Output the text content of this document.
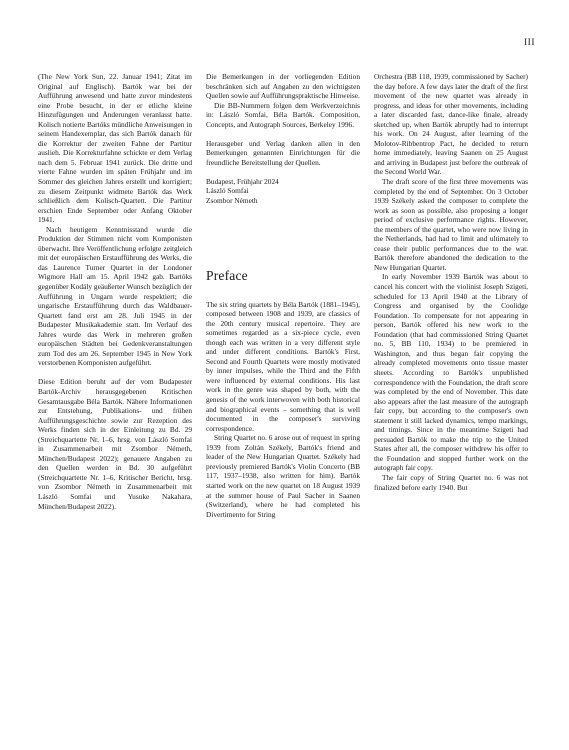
III

(The New York Sun, 22. Januar 1941; Zitat im Original auf Englisch). Bartók war bei der Aufführung anwesend und hatte zuvor mindestens eine Probe besucht, in der er etliche kleine Hinzufügungen und Änderungen veranlasst hatte. Kolisch notierte Bartóks mündliche Anweisungen in seinem Handexemplar, das sich Bartók danach für die Korrektur der zweiten Fahne der Partitur auslieh. Die Korrekturfahne schickte er dem Verlag nach dem 5. Februar 1941 zurück. Die dritte und vierte Fahne wurden im späten Frühjahr und im Sommer des gleichen Jahres erstellt und korrigiert; zu diesem Zeitpunkt widmete Bartók das Werk schließlich dem Kolisch-Quartett. Die Partitur erschien Ende September oder Anfang Oktober 1941.

Nach heutigem Kenntnisstand wurde die Produktion der Stimmen nicht vom Komponisten überwacht. Ihre Veröffentlichung erfolgte zeitgleich mit der europäischen Erstaufführung des Werks, die das Laurence Turner Quartet in der Londoner Wigmore Hall am 15. April 1942 gab. Bartóks gegenüber Kodály geäußerter Wunsch bezüglich der Aufführung in Ungarn wurde respektiert; die ungarische Erstaufführung durch das Waldbauer-Quartett fand erst am 28. Juli 1945 in der Budapester Musikakademie statt. Im Verlauf des Jahres wurde das Werk in mehreren großen europäischen Städten bei Gedenkveranstaltungen zum Tod des am 26. September 1945 in New York verstorbenen Komponisten aufgeführt.

Diese Edition beruht auf der vom Budapester Bartók-Archiv herausgegebenen Kritischen Gesamtausgabe Béla Bartók. Nähere Informationen zur Entstehung, Publikations- und frühen Aufführungsgeschichte sowie zur Rezeption des Werks finden sich in der Einleitung zu Bd. 29 (Streichquartette Nr. 1–6, hrsg. von László Somfai in Zusammenarbeit mit Zsombor Németh, München/Budapest 2022); genauere Angaben zu den Quellen werden in Bd. 30 aufgeführt (Streichquartette Nr. 1–6, Kritischer Bericht, hrsg. von Zsombor Németh in Zusammenarbeit mit László Somfai und Yusuke Nakahara, München/Budapest 2022).

Die Bemerkungen in der vorliegenden Edition beschränken sich auf Angaben zu den wichtigsten Quellen sowie auf Aufführungspraktische Hinweise.

Die BB-Nummern folgen dem Werkverzeichnis in: László Somfai, Béla Bartók. Composition, Concepts, and Autograph Sources, Berkeley 1996.

Herausgeber und Verlag danken allen in den Bemerkungen genannten Einrichtungen für die freundliche Bereitstellung der Quellen.

Budapest, Frühjahr 2024

László Somfai

Zsombor Németh

Preface

The six string quartets by Béla Bartók (1881–1945), composed between 1908 and 1939, are classics of the 20th century musical repertoire. They are sometimes regarded as a six-piece cycle, even though each was written in a very different style and under different conditions. Bartók's First, Second and Fourth Quartets were mostly motivated by inner impulses, while the Third and the Fifth were influenced by external conditions. His last work in the genre was shaped by both, with the genesis of the work interwoven with both historical and biographical events – something that is well documented in the composer's surviving correspondence.

String Quartet no. 6 arose out of request in spring 1939 from Zoltán Székely, Bartók's friend and leader of the New Hungarian Quartet. Székely had previously premiered Bartók's Violin Concerto (BB 117, 1937–1938, also written for him). Bartók started work on the new quartet on 18 August 1939 at the summer house of Paul Sacher in Saanen (Switzerland), where he had completed his Divertimento for String

Orchestra (BB 118, 1939, commissioned by Sacher) the day before. A few days later the draft of the first movement of the new quartet was already in progress, and ideas for other movements, including a later discarded fast, dance-like finale, already sketched up, when Bartók abruptly had to interrupt his work. On 24 August, after learning of the Molotov-Ribbentrop Pact, he decided to return home immediately, leaving Saanen on 25 August and arriving in Budapest just before the outbreak of the Second World War.

The draft score of the first three movements was completed by the end of September. On 3 October 1939 Székely asked the composer to complete the work as soon as possible, also proposing a longer period of exclusive performance rights. However, the members of the quartet, who were now living in the Netherlands, had had to limit and ultimately to cease their public performances due to the war. Bartók therefore abandoned the dedication to the New Hungarian Quartet.

In early November 1939 Bartók was about to cancel his concert with the violinist Joseph Szigeti, scheduled for 13 April 1940 at the Library of Congress and organised by the Coolidge Foundation. To compensate for not appearing in person, Bartók offered his new work to the Foundation (that had commissioned String Quartet no. 5, BB 110, 1934) to be premiered in Washington, and thus began fair copying the already completed movements onto tissue master sheets. According to Bartók's unpublished correspondence with the Foundation, the draft score was completed by the end of November. This date also appears after the last measure of the autograph fair copy, but according to the composer's own statement it still lacked dynamics, tempo markings, and timings. Since in the meantime Szigeti had persuaded Bartók to make the trip to the United States after all, the composer withdrew his offer to the Foundation and stopped further work on the autograph fair copy.

The fair copy of String Quartet no. 6 was not finalized before early 1940. But
